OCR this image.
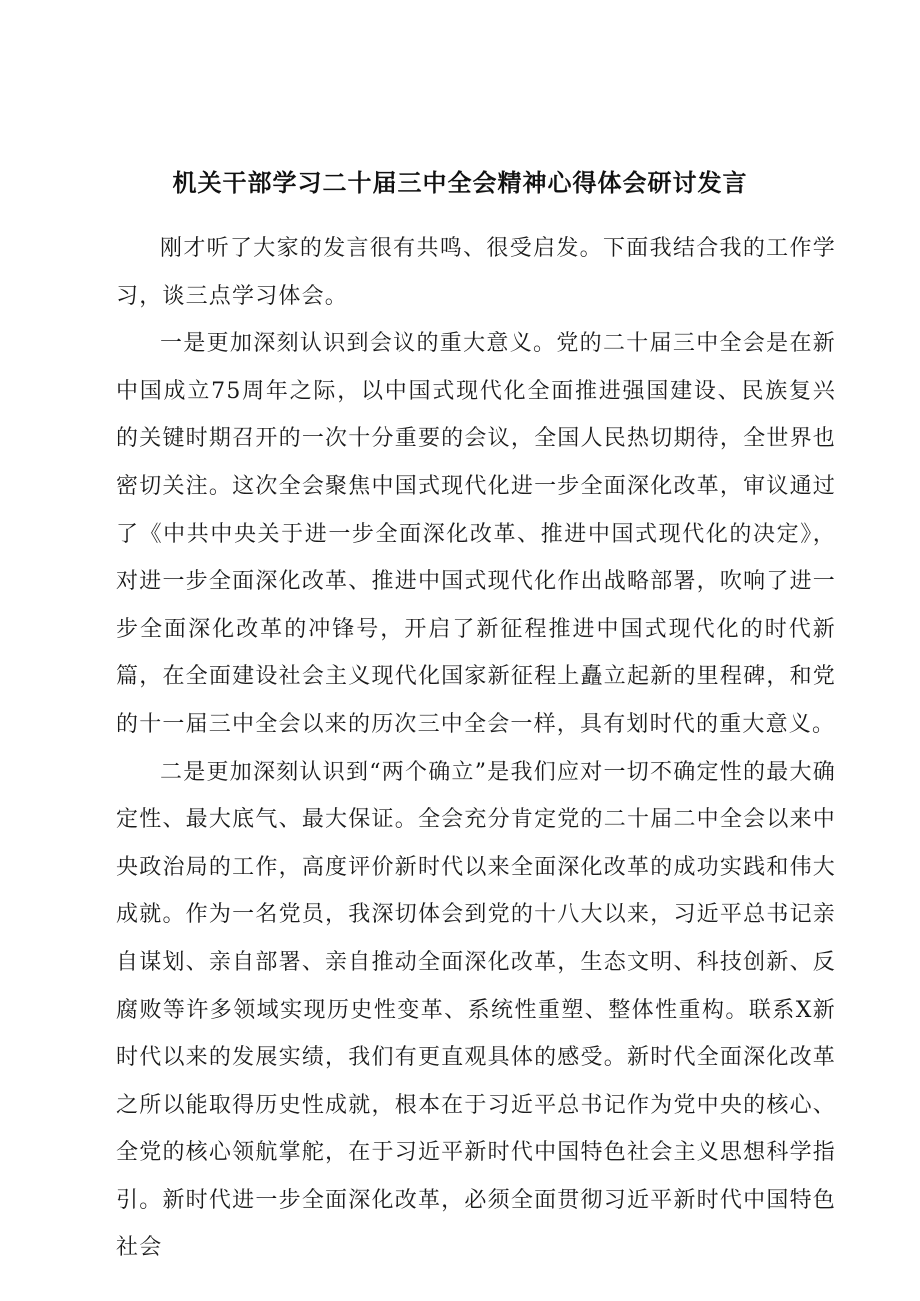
机关干部学习二十届三中全会精神心得体会研讨发言

刚才听了大家的发言很有共鸣、很受启发。下面我结合我的工作学习，谈三点学习体会。

一是更加深刻认识到会议的重大意义。党的二十届三中全会是在新中国成立75周年之际，以中国式现代化全面推进强国建设、民族复兴的关键时期召开的一次十分重要的会议，全国人民热切期待，全世界也密切关注。这次全会聚焦中国式现代化进一步全面深化改革，审议通过了《中共中央关于进一步全面深化改革、推进中国式现代化的决定》，对进一步全面深化改革、推进中国式现代化作出战略部署，吹响了进一步全面深化改革的冲锋号，开启了新征程推进中国式现代化的时代新篇，在全面建设社会主义现代化国家新征程上矗立起新的里程碑，和党的十一届三中全会以来的历次三中全会一样，具有划时代的重大意义。

二是更加深刻认识到“两个确立”是我们应对一切不确定性的最大确定性、最大底气、最大保证。全会充分肯定党的二十届二中全会以来中央政治局的工作，高度评价新时代以来全面深化改革的成功实践和伟大成就。作为一名党员，我深切体会到党的十八大以来，习近平总书记亲自谋划、亲自部署、亲自推动全面深化改革，生态文明、科技创新、反腐败等许多领域实现历史性变革、系统性重塑、整体性重构。联系X新时代以来的发展实绩，我们有更直观具体的感受。新时代全面深化改革之所以能取得历史性成就，根本在于习近平总书记作为党中央的核心、全党的核心领航掌舵，在于习近平新时代中国特色社会主义思想科学指引。新时代进一步全面深化改革，必须全面贯彻习近平新时代中国特色社会
